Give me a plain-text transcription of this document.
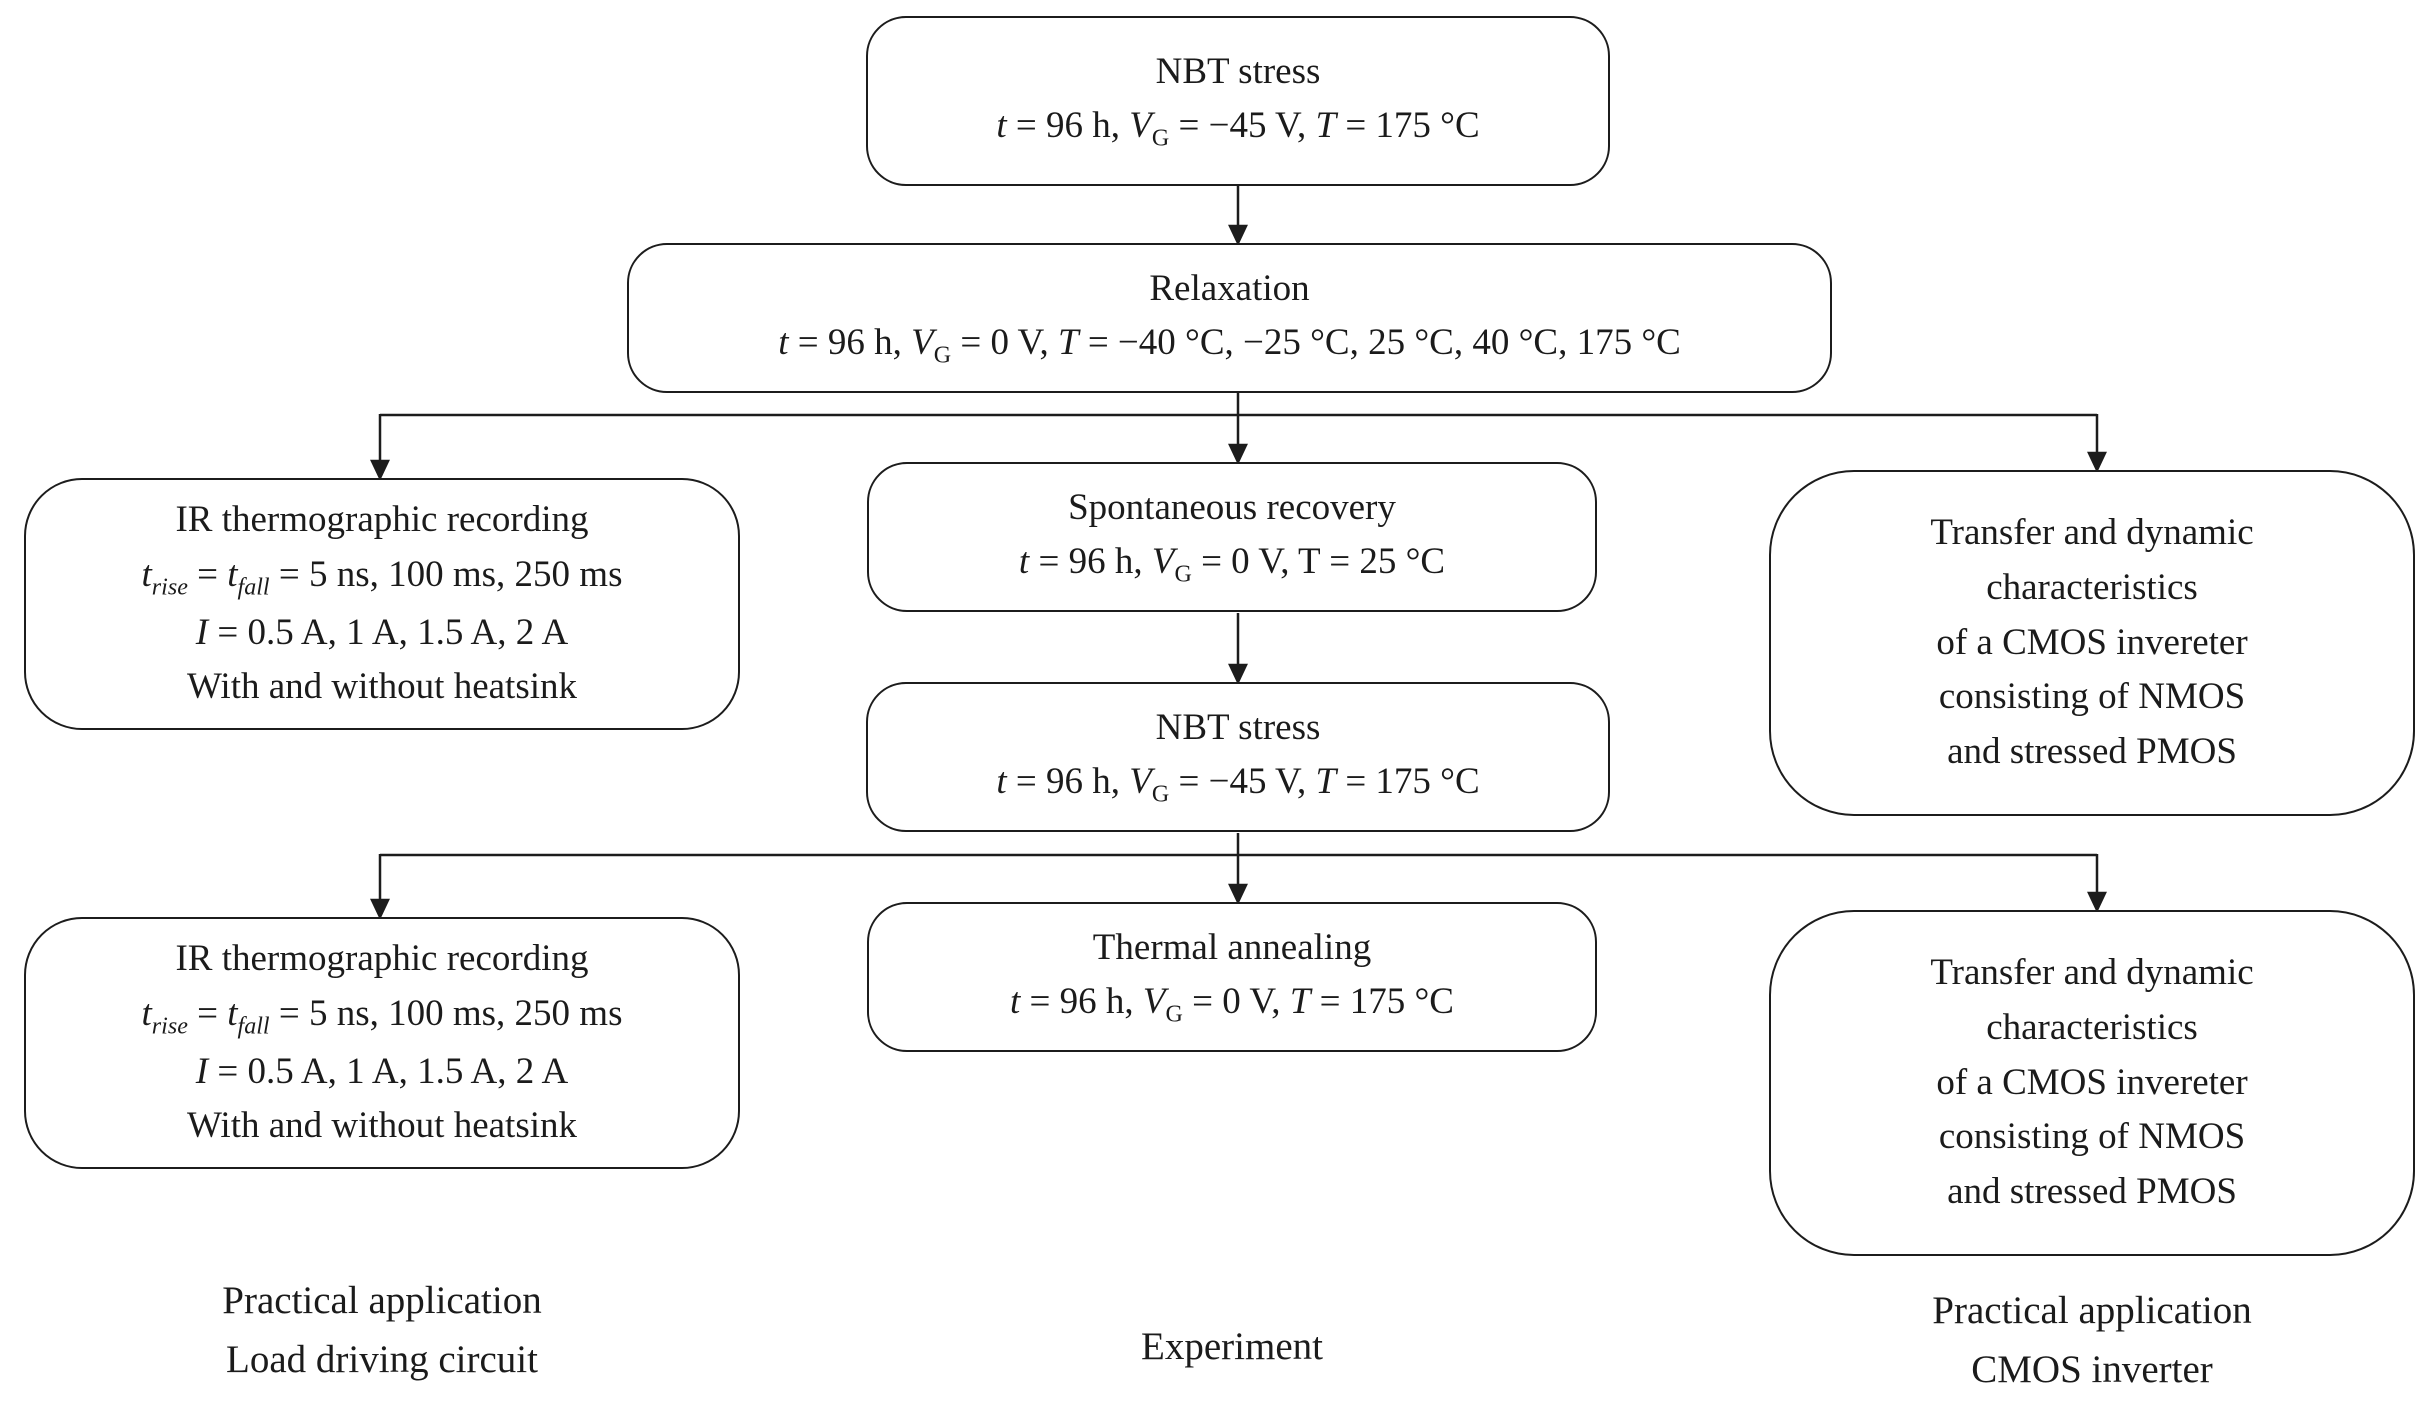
NBT stress
t = 96 h, $V_G = -45$ V, T = 175 °C
Relaxation
t = 96 h, $V_G = 0$ V, T = −40 °C, −25 °C, 25 °C, 40 °C, 175 °C
IR thermographic recording
$t_{rise} = t_{fall} = 5$ ns, 100 ms, 250 ms
I = 0.5 A, 1 A, 1.5 A, 2 A
With and without heatsink
Spontaneous recovery
t = 96 h, $V_G = 0$ V, T = 25 °C
Transfer and dynamic
characteristics
of a CMOS invereter
consisting of NMOS
and stressed PMOS
NBT stress
t = 96 h, $V_G = -45$ V, T = 175 °C
IR thermographic recording
$t_{rise} = t_{fall} = 5$ ns, 100 ms, 250 ms
I = 0.5 A, 1 A, 1.5 A, 2 A
With and without heatsink
Thermal annealing
t = 96 h, $V_G = 0$ V, T = 175 °C
Transfer and dynamic
characteristics
of a CMOS invereter
consisting of NMOS
and stressed PMOS
Practical application
Load driving circuit	Experiment
Practical application
CMOS inverter
